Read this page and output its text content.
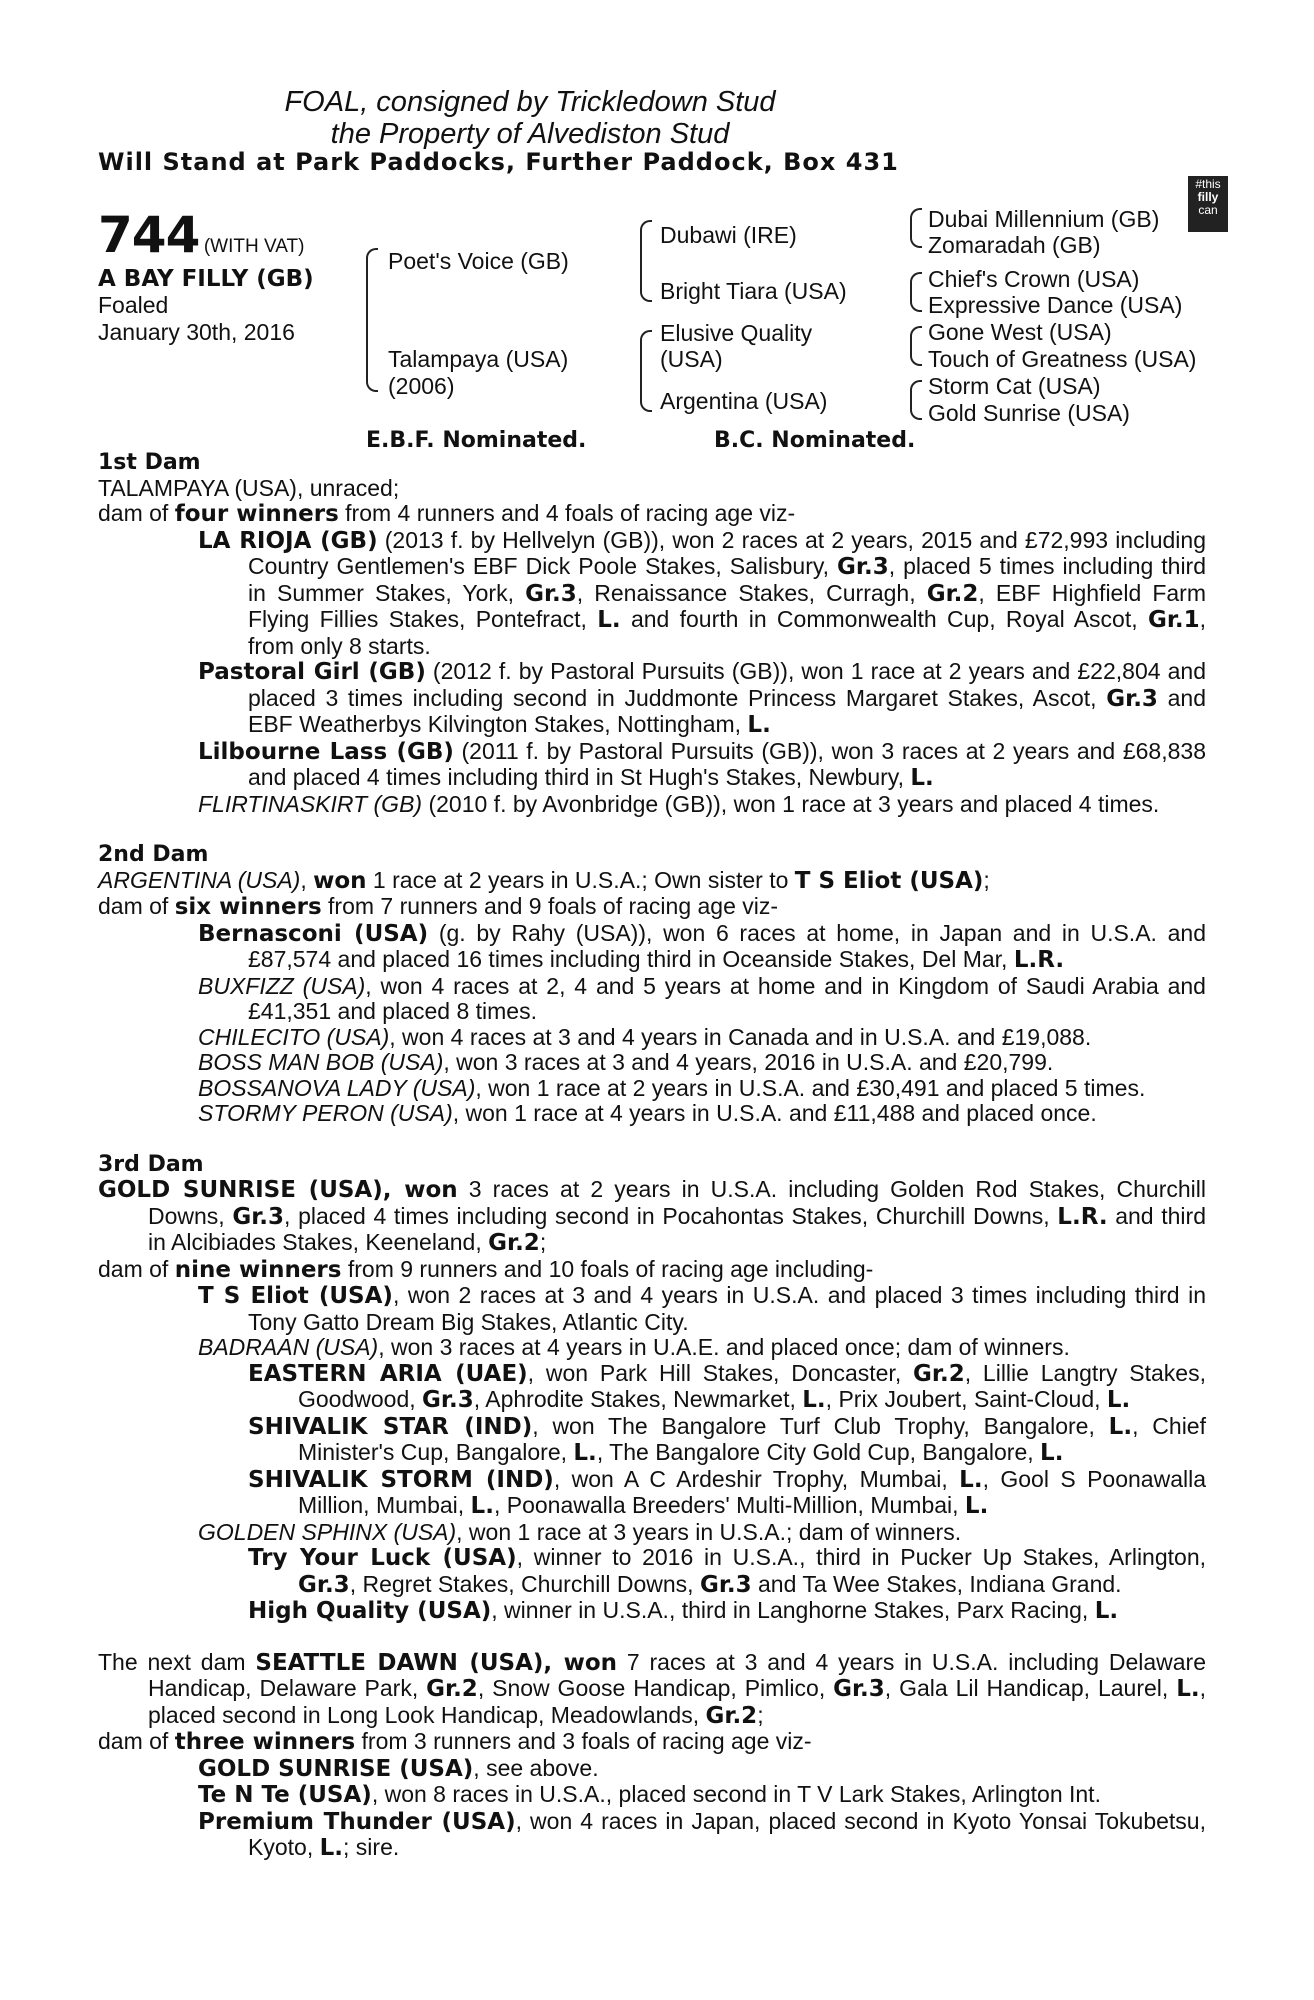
FOAL, consigned by Trickledown Stud
the Property of Alvediston Stud
Will Stand at Park Paddocks, Further Paddock, Box 431
#this
filly
can
744 (WITH VAT)
A BAY FILLY (GB)
Foaled
January 30th, 2016
Poet's Voice (GB)
Talampaya (USA)
(2006)
Dubawi (IRE)
Bright Tiara (USA)
Elusive Quality
(USA)
Argentina (USA)
Dubai Millennium (GB)
Zomaradah (GB)
Chief's Crown (USA)
Expressive Dance (USA)
Gone West (USA)
Touch of Greatness (USA)
Storm Cat (USA)
Gold Sunrise (USA)
E.B.F. Nominated.	B.C. Nominated.

1st Dam

TALAMPAYA (USA), unraced;

dam of four winners from 4 runners and 4 foals of racing age viz-

LA RIOJA (GB) (2013 f. by Hellvelyn (GB)), won 2 races at 2 years, 2015 and £72,993 including Country Gentlemen's EBF Dick Poole Stakes, Salisbury, Gr.3, placed 5 times including third in Summer Stakes, York, Gr.3, Renaissance Stakes, Curragh, Gr.2, EBF Highfield Farm Flying Fillies Stakes, Pontefract, L. and fourth in Commonwealth Cup, Royal Ascot, Gr.1, from only 8 starts.

Pastoral Girl (GB) (2012 f. by Pastoral Pursuits (GB)), won 1 race at 2 years and £22,804 and placed 3 times including second in Juddmonte Princess Margaret Stakes, Ascot, Gr.3 and EBF Weatherbys Kilvington Stakes, Nottingham, L.

Lilbourne Lass (GB) (2011 f. by Pastoral Pursuits (GB)), won 3 races at 2 years and £68,838 and placed 4 times including third in St Hugh's Stakes, Newbury, L.

FLIRTINASKIRT (GB) (2010 f. by Avonbridge (GB)), won 1 race at 3 years and placed 4 times.

2nd Dam

ARGENTINA (USA), won 1 race at 2 years in U.S.A.; Own sister to T S Eliot (USA);

dam of six winners from 7 runners and 9 foals of racing age viz-

Bernasconi (USA) (g. by Rahy (USA)), won 6 races at home, in Japan and in U.S.A. and £87,574 and placed 16 times including third in Oceanside Stakes, Del Mar, L.R.

BUXFIZZ (USA), won 4 races at 2, 4 and 5 years at home and in Kingdom of Saudi Arabia and £41,351 and placed 8 times.

CHILECITO (USA), won 4 races at 3 and 4 years in Canada and in U.S.A. and £19,088.

BOSS MAN BOB (USA), won 3 races at 3 and 4 years, 2016 in U.S.A. and £20,799.

BOSSANOVA LADY (USA), won 1 race at 2 years in U.S.A. and £30,491 and placed 5 times.

STORMY PERON (USA), won 1 race at 4 years in U.S.A. and £11,488 and placed once.

3rd Dam

GOLD SUNRISE (USA), won 3 races at 2 years in U.S.A. including Golden Rod Stakes, Churchill Downs, Gr.3, placed 4 times including second in Pocahontas Stakes, Churchill Downs, L.R. and third in Alcibiades Stakes, Keeneland, Gr.2;

dam of nine winners from 9 runners and 10 foals of racing age including-

T S Eliot (USA), won 2 races at 3 and 4 years in U.S.A. and placed 3 times including third in Tony Gatto Dream Big Stakes, Atlantic City.

BADRAAN (USA), won 3 races at 4 years in U.A.E. and placed once; dam of winners.

EASTERN ARIA (UAE), won Park Hill Stakes, Doncaster, Gr.2, Lillie Langtry Stakes, Goodwood, Gr.3, Aphrodite Stakes, Newmarket, L., Prix Joubert, Saint-Cloud, L.

SHIVALIK STAR (IND), won The Bangalore Turf Club Trophy, Bangalore, L., Chief Minister's Cup, Bangalore, L., The Bangalore City Gold Cup, Bangalore, L.

SHIVALIK STORM (IND), won A C Ardeshir Trophy, Mumbai, L., Gool S Poonawalla Million, Mumbai, L., Poonawalla Breeders' Multi-Million, Mumbai, L.

GOLDEN SPHINX (USA), won 1 race at 3 years in U.S.A.; dam of winners.

Try Your Luck (USA), winner to 2016 in U.S.A., third in Pucker Up Stakes, Arlington, Gr.3, Regret Stakes, Churchill Downs, Gr.3 and Ta Wee Stakes, Indiana Grand.

High Quality (USA), winner in U.S.A., third in Langhorne Stakes, Parx Racing, L.

The next dam SEATTLE DAWN (USA), won 7 races at 3 and 4 years in U.S.A. including Delaware Handicap, Delaware Park, Gr.2, Snow Goose Handicap, Pimlico, Gr.3, Gala Lil Handicap, Laurel, L., placed second in Long Look Handicap, Meadowlands, Gr.2;

dam of three winners from 3 runners and 3 foals of racing age viz-

GOLD SUNRISE (USA), see above.

Te N Te (USA), won 8 races in U.S.A., placed second in T V Lark Stakes, Arlington Int.

Premium Thunder (USA), won 4 races in Japan, placed second in Kyoto Yonsai Tokubetsu, Kyoto, L.; sire.
